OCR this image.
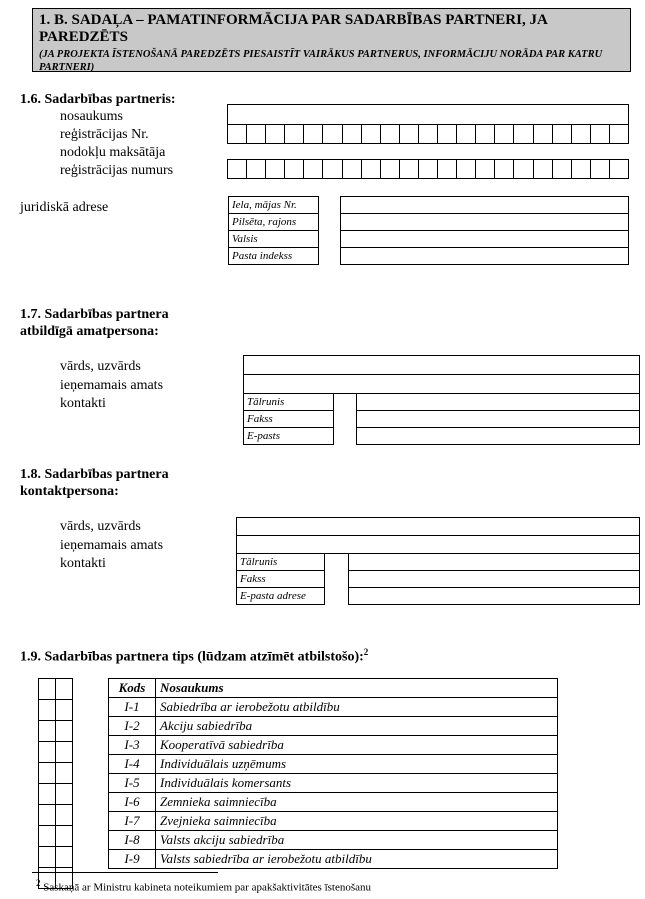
1. B. SADAĻA – PAMATINFORMĀCIJA PAR SADARBĪBAS PARTNERI, JA PAREDZĒTS
(JA PROJEKTA ĪSTENOŠANĀ PAREDZĒTS PIESAISTĪT VAIRĀKUS PARTNERUS, INFORMĀCIJU NORĀDA PAR KATRU PARTNERI)
1.6. Sadarbības partneris:
nosaukums
reģistrācijas Nr.
nodokļu maksātāja
reģistrācijas numurs
juridiskā adrese	Iela, mājas Nr.
Pilsēta, rajons
Valsis
Pasta indekss

1.7. Sadarbības partnera
atbildīgā amatpersona:
vārds, uzvārds
ieņemamais amats
kontakti	Tālrunis
Fakss
E-pasts

1.8. Sadarbības partnera
kontaktpersona:
vārds, uzvārds
ieņemamais amats
kontakti	Tālrunis
Fakss
E-pasta adrese

1.9. Sadarbības partnera tips (lūdzam atzīmēt atbilstošo):$^2$

Kods	Nosaukums
I-1	Sabiedrība ar ierobežotu atbildību
I-2	Akciju sabiedrība
I-3	Kooperatīvā sabiedrība
I-4	Individuālais uzņēmums
I-5	Individuālais komersants
I-6	Zemnieka saimniecība
I-7	Zvejnieka saimniecība
I-8	Valsts akciju sabiedrība
I-9	Valsts sabiedrība ar ierobežotu atbildību
$^2$ Saskaņā ar Ministru kabineta noteikumiem par apakšaktivitātes īstenošanu
